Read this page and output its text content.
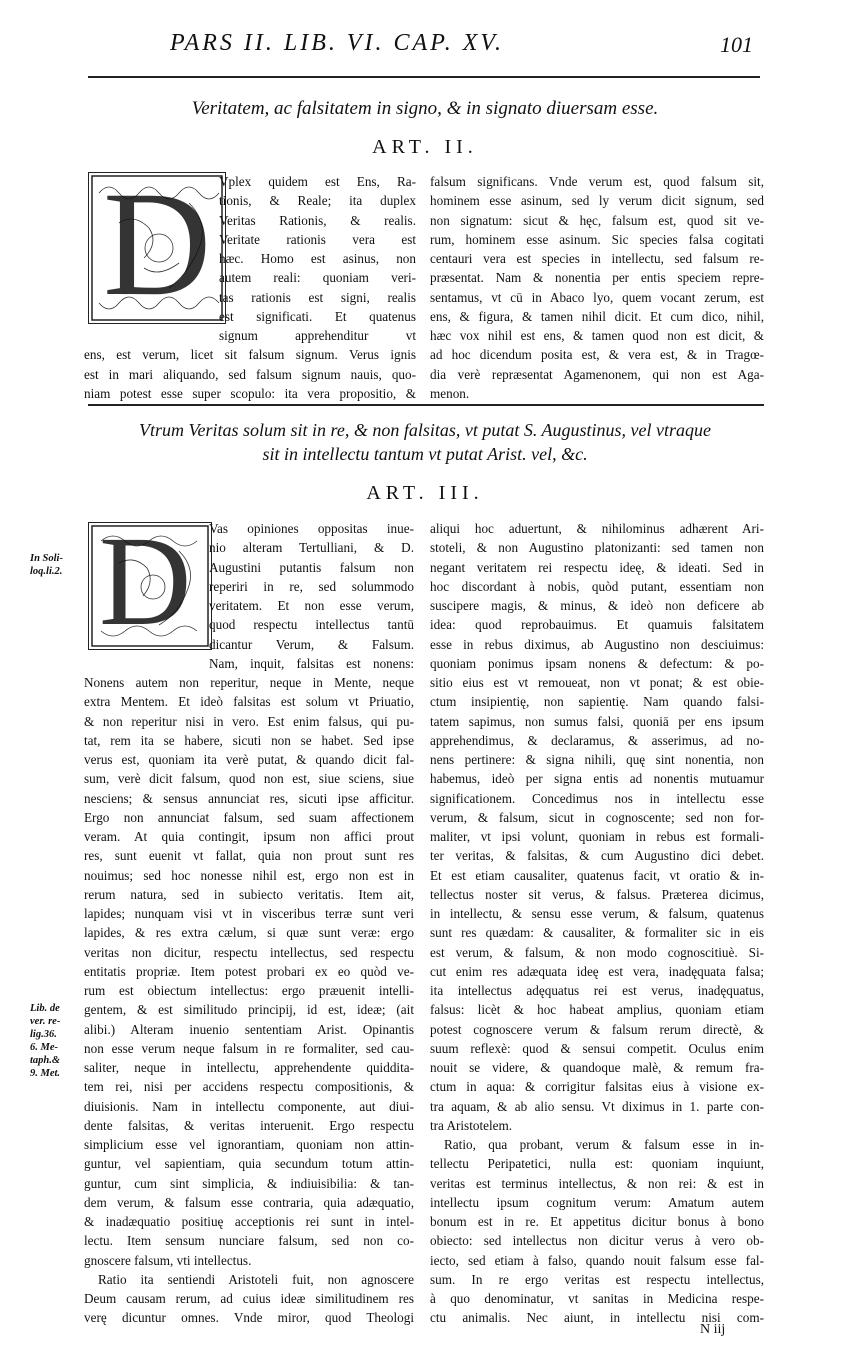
PARS II. LIB. VI. CAP. XV.	101
Veritatem, ac falsitatem in signo, & in signato diuersam esse.
ART. II.
D Vplex quidem est Ens, Ra-
tionis, & Reale; ita duplex
Veritas Rationis, & realis.
Veritate rationis vera est
hæc. Homo est asinus, non
autem reali: quoniam veri-
tas rationis est signi, realis
est significati. Et quatenus
signum apprehenditur vt
ens, est verum, licet sit falsum signum. Verus ignis
est in mari aliquando, sed falsum signum nauis, quo-
niam potest esse super scopulo: ita vera propositio, &
falsum significans. Vnde verum est, quod falsum sit,
hominem esse asinum, sed ly verum dicit signum, sed
non signatum: sicut & hęc, falsum est, quod sit ve-
rum, hominem esse asinum. Sic species falsa cogitati
centauri vera est species in intellectu, sed falsum re-
præsentat. Nam & nonentia per entis speciem repre-
sentamus, vt cū in Abaco lyo, quem vocant zerum, est
ens, & figura, & tamen nihil dicit. Et cum dico, nihil,
hæc vox nihil est ens, & tamen quod non est dicit, &
ad hoc dicendum posita est, & vera est, & in Tragœ-
dia verè repræsentat Agamenonem, qui non est Aga-
menon.
Vtrum Veritas solum sit in re, & non falsitas, vt putat S. Augustinus, vel vtraque
sit in intellectu tantum vt putat Arist. vel, &c.
ART. III.
In Soli-
loq.li.2.
Lib. de
ver. re-
lig.36.
6. Me-
taph.&
9. Met.
D	Vas opiniones oppositas inue-
nio alteram Tertulliani, & D.
Augustini putantis falsum non
reperiri in re, sed solummodo
veritatem. Et non esse verum,
quod respectu intellectus tantū
dicantur Verum, & Falsum.
Nam, inquit, falsitas est nonens:
Nonens autem non reperitur, neque in Mente, neque
extra Mentem. Et ideò falsitas est solum vt Priuatio,
& non reperitur nisi in vero. Est enim falsus, qui pu-
tat, rem ita se habere, sicuti non se habet. Sed ipse
verus est, quoniam ita verè putat, & quando dicit fal-
sum, verè dicit falsum, quod non est, siue sciens, siue
nesciens; & sensus annunciat res, sicuti ipse afficitur.
Ergo non annunciat falsum, sed suam affectionem
veram. At quia contingit, ipsum non affici prout
res, sunt euenit vt fallat, quia non prout sunt res
nouimus; sed hoc nonesse nihil est, ergo non est in
rerum natura, sed in subiecto veritatis. Item ait,
lapides; nunquam visi vt in visceribus terræ sunt veri
lapides, & res extra cælum, si quæ sunt veræ: ergo
veritas non dicitur, respectu intellectus, sed respectu
entitatis propriæ. Item potest probari ex eo quòd ve-
rum est obiectum intellectus: ergo præuenit intelli-
gentem, & est similitudo principij, id est, ideæ; (ait
alibi.) Alteram inuenio sententiam Arist. Opinantis
non esse verum neque falsum in re formaliter, sed cau-
saliter, neque in intellectu, apprehendente quiddita-
tem rei, nisi per accidens respectu compositionis, &
diuisionis. Nam in intellectu componente, aut diui-
dente falsitas, & veritas interuenit. Ergo respectu
simplicium esse vel ignorantiam, quoniam non attin-
guntur, vel sapientiam, quia secundum totum attin-
guntur, cum sint simplicia, & indiuisibilia: & tan-
dem verum, & falsum esse contraria, quia adæquatio,
& inadæquatio positiuę acceptionis rei sunt in intel-
lectu. Item sensum nunciare falsum, sed non co-
gnoscere falsum, vti intellectus.
Ratio ita sentiendi Aristoteli fuit, non agnoscere
Deum causam rerum, ad cuius ideæ similitudinem res
verę dicuntur omnes. Vnde miror, quod Theologi
aliqui hoc aduertunt, & nihilominus adhærent Ari-
stoteli, & non Augustino platonizanti: sed tamen non
negant veritatem rei respectu ideę, & ideati. Sed in
hoc discordant à nobis, quòd putant, essentiam non
suscipere magis, & minus, & ideò non deficere ab
idea: quod reprobauimus. Et quamuis falsitatem
esse in rebus diximus, ab Augustino non desciuimus:
quoniam ponimus ipsam nonens & defectum: & po-
sitio eius est vt remoueat, non vt ponat; & est obie-
ctum insipientię, non sapientię. Nam quando falsi-
tatem sapimus, non sumus falsi, quoniā per ens ipsum
apprehendimus, & declaramus, & asserimus, ad no-
nens pertinere: & signa nihili, quę sint nonentia, non
habemus, ideò per signa entis ad nonentis mutuamur
significationem. Concedimus nos in intellectu esse
verum, & falsum, sicut in cognoscente; sed non for-
maliter, vt ipsi volunt, quoniam in rebus est formali-
ter veritas, & falsitas, & cum Augustino dici debet.
Et est etiam causaliter, quatenus facit, vt oratio & in-
tellectus noster sit verus, & falsus. Præterea dicimus,
in intellectu, & sensu esse verum, & falsum, quatenus
sunt res quædam: & causaliter, & formaliter sic in eis
est verum, & falsum, & non modo cognoscitiuè. Si-
cut enim res adæquata ideę est vera, inadęquata falsa;
ita intellectus adęquatus rei est verus, inadęquatus,
falsus: licèt & hoc habeat amplius, quoniam etiam
potest cognoscere verum & falsum rerum directè, &
suum reflexè: quod & sensui competit. Oculus enim
nouit se videre, & quandoque malè, & remum fra-
ctum in aqua: & corrigitur falsitas eius à visione ex-
tra aquam, & ab alio sensu. Vt diximus in 1. parte con-
tra Aristotelem.
Ratio, qua probant, verum & falsum esse in in-
tellectu Peripatetici, nulla est: quoniam inquiunt,
veritas est terminus intellectus, & non rei: & est in
intellectu ipsum cognitum verum: Amatum autem
bonum est in re. Et appetitus dicitur bonus à bono
obiecto: sed intellectus non dicitur verus à vero ob-
iecto, sed etiam à falso, quando nouit falsum esse fal-
sum. In re ergo veritas est respectu intellectus,
à quo denominatur, vt sanitas in Medicina respe-
ctu animalis. Nec aiunt, in intellectu nisi com-
N iij
